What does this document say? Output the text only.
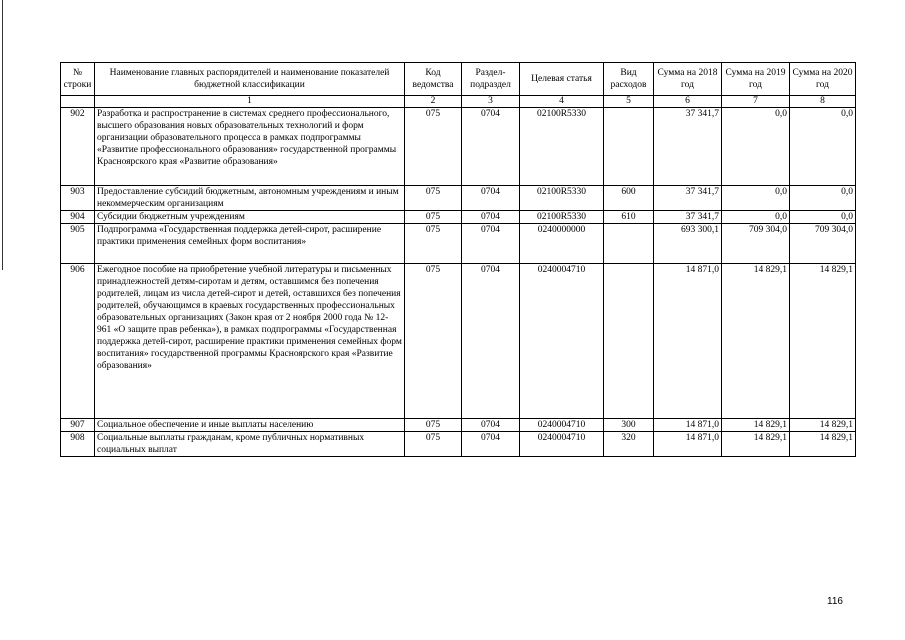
№ строки	Наименование главных распорядителей и наименование показателей бюджетной классификации	Код ведомства	Раздел-подраздел	Целевая статья	Вид расходов	Сумма на 2018 год	Сумма на 2019 год	Сумма на 2020 год
	1	2	3	4	5	6	7	8
902	Разработка и распространение в системах среднего профессионального, высшего образования новых образовательных технологий и форм организации образовательного процесса в рамках подпрограммы «Развитие профессионального образования» государственной программы Красноярского края «Развитие образования»	075	0704	02100R5330		37 341,7	0,0	0,0
903	Предоставление субсидий бюджетным, автономным учреждениям и иным некоммерческим организациям	075	0704	02100R5330	600	37 341,7	0,0	0,0
904	Субсидии бюджетным учреждениям	075	0704	02100R5330	610	37 341,7	0,0	0,0
905	Подпрограмма «Государственная поддержка детей-сирот, расширение практики применения семейных форм воспитания»	075	0704	0240000000		693 300,1	709 304,0	709 304,0
906	Ежегодное пособие на приобретение учебной литературы и письменных принадлежностей детям-сиротам и детям, оставшимся без попечения родителей, лицам из числа детей-сирот и детей, оставшихся без попечения родителей, обучающимся в краевых государственных профессиональных образовательных организациях (Закон края от 2 ноября 2000 года № 12-961 «О защите прав ребенка»), в рамках подпрограммы «Государственная поддержка детей-сирот, расширение практики применения семейных форм воспитания» государственной программы Красноярского края «Развитие образования»	075	0704	0240004710		14 871,0	14 829,1	14 829,1
907	Социальное обеспечение и иные выплаты населению	075	0704	0240004710	300	14 871,0	14 829,1	14 829,1
908	Социальные выплаты гражданам, кроме публичных нормативных социальных выплат	075	0704	0240004710	320	14 871,0	14 829,1	14 829,1
116
